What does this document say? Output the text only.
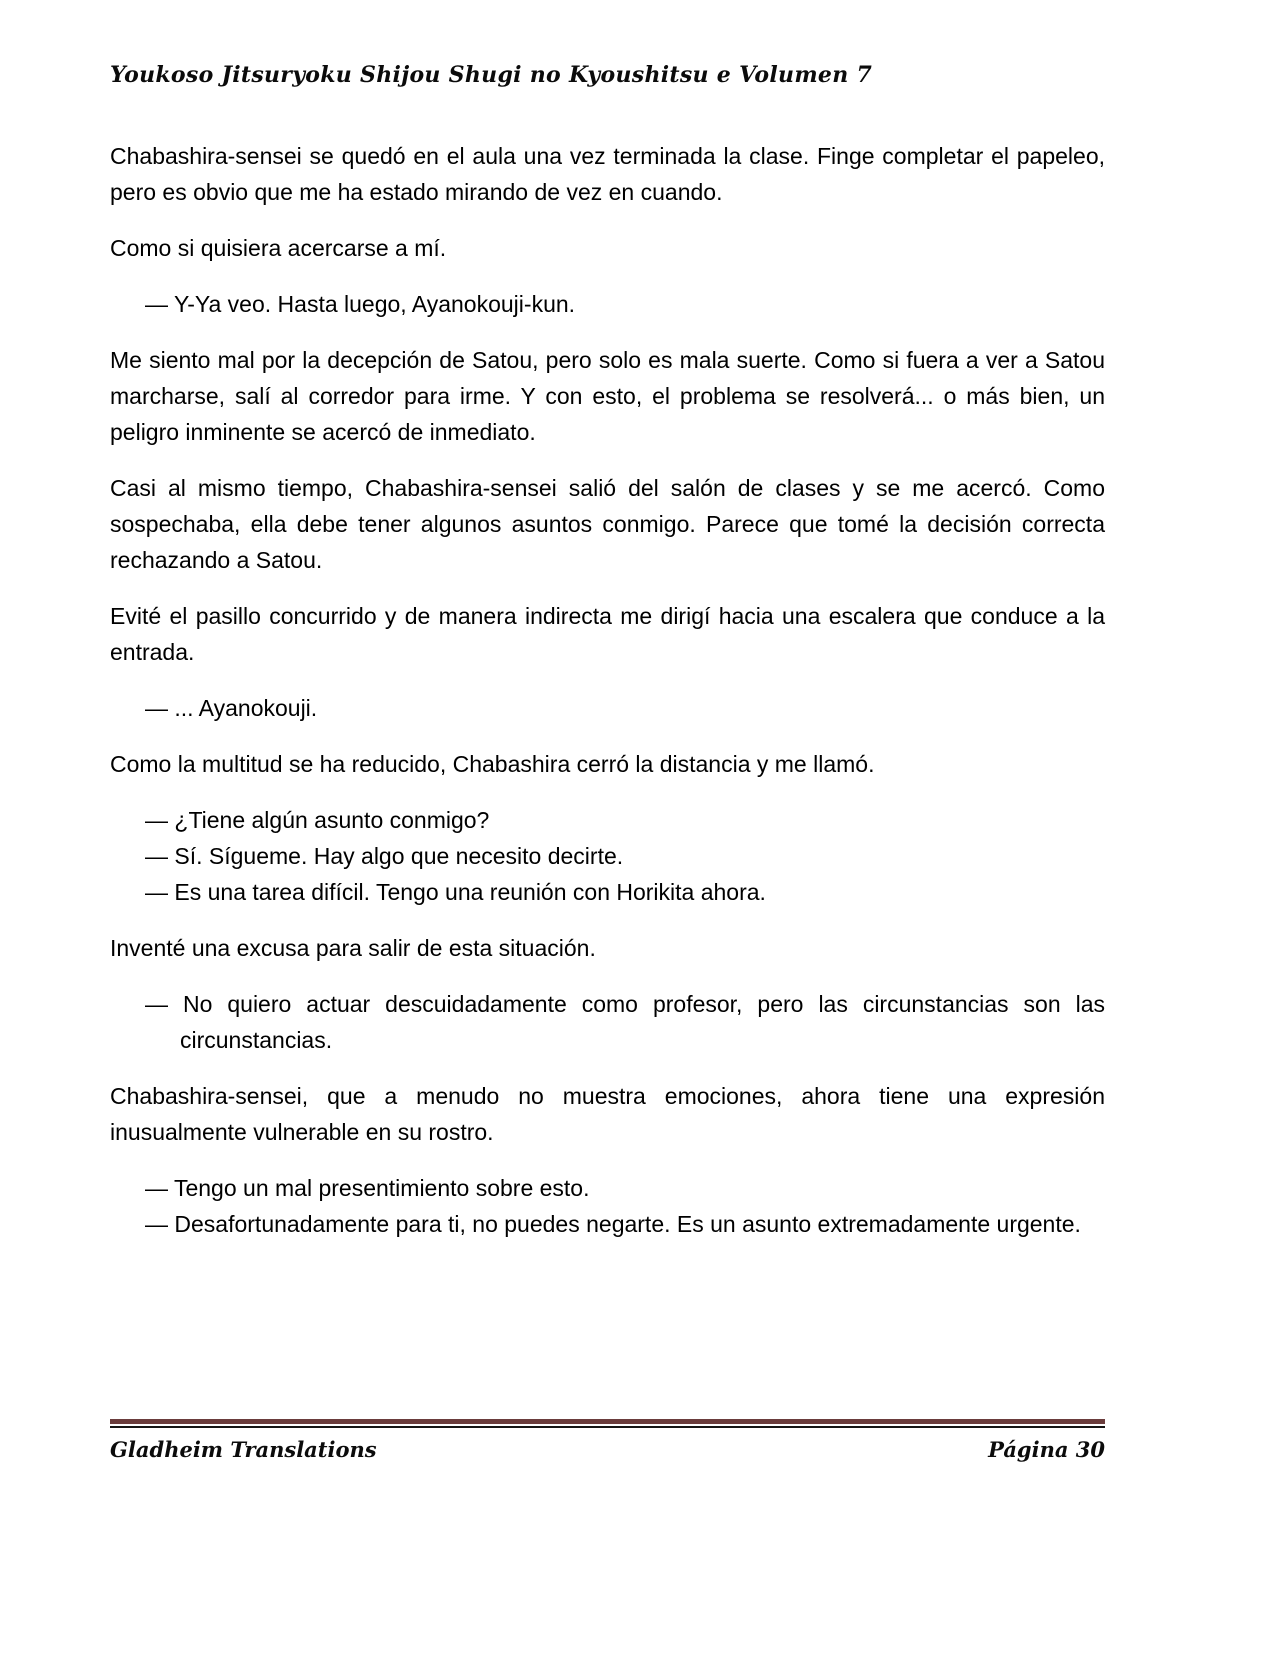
Youkoso Jitsuryoku Shijou Shugi no Kyoushitsu e Volumen 7

Chabashira-sensei se quedó en el aula una vez terminada la clase. Finge completar el papeleo, pero es obvio que me ha estado mirando de vez en cuando.

Como si quisiera acercarse a mí.

— Y-Ya veo. Hasta luego, Ayanokouji-kun.

Me siento mal por la decepción de Satou, pero solo es mala suerte. Como si fuera a ver a Satou marcharse, salí al corredor para irme. Y con esto, el problema se resolverá... o más bien, un peligro inminente se acercó de inmediato.

Casi al mismo tiempo, Chabashira-sensei salió del salón de clases y se me acercó. Como sospechaba, ella debe tener algunos asuntos conmigo. Parece que tomé la decisión correcta rechazando a Satou.

Evité el pasillo concurrido y de manera indirecta me dirigí hacia una escalera que conduce a la entrada.

— ... Ayanokouji.

Como la multitud se ha reducido, Chabashira cerró la distancia y me llamó.

— ¿Tiene algún asunto conmigo?

— Sí. Sígueme. Hay algo que necesito decirte.

— Es una tarea difícil. Tengo una reunión con Horikita ahora.

Inventé una excusa para salir de esta situación.

— No quiero actuar descuidadamente como profesor, pero las circunstancias son las circunstancias.

Chabashira-sensei, que a menudo no muestra emociones, ahora tiene una expresión inusualmente vulnerable en su rostro.

— Tengo un mal presentimiento sobre esto.

— Desafortunadamente para ti, no puedes negarte. Es un asunto extremadamente urgente.

Gladheim Translations	Página 30
